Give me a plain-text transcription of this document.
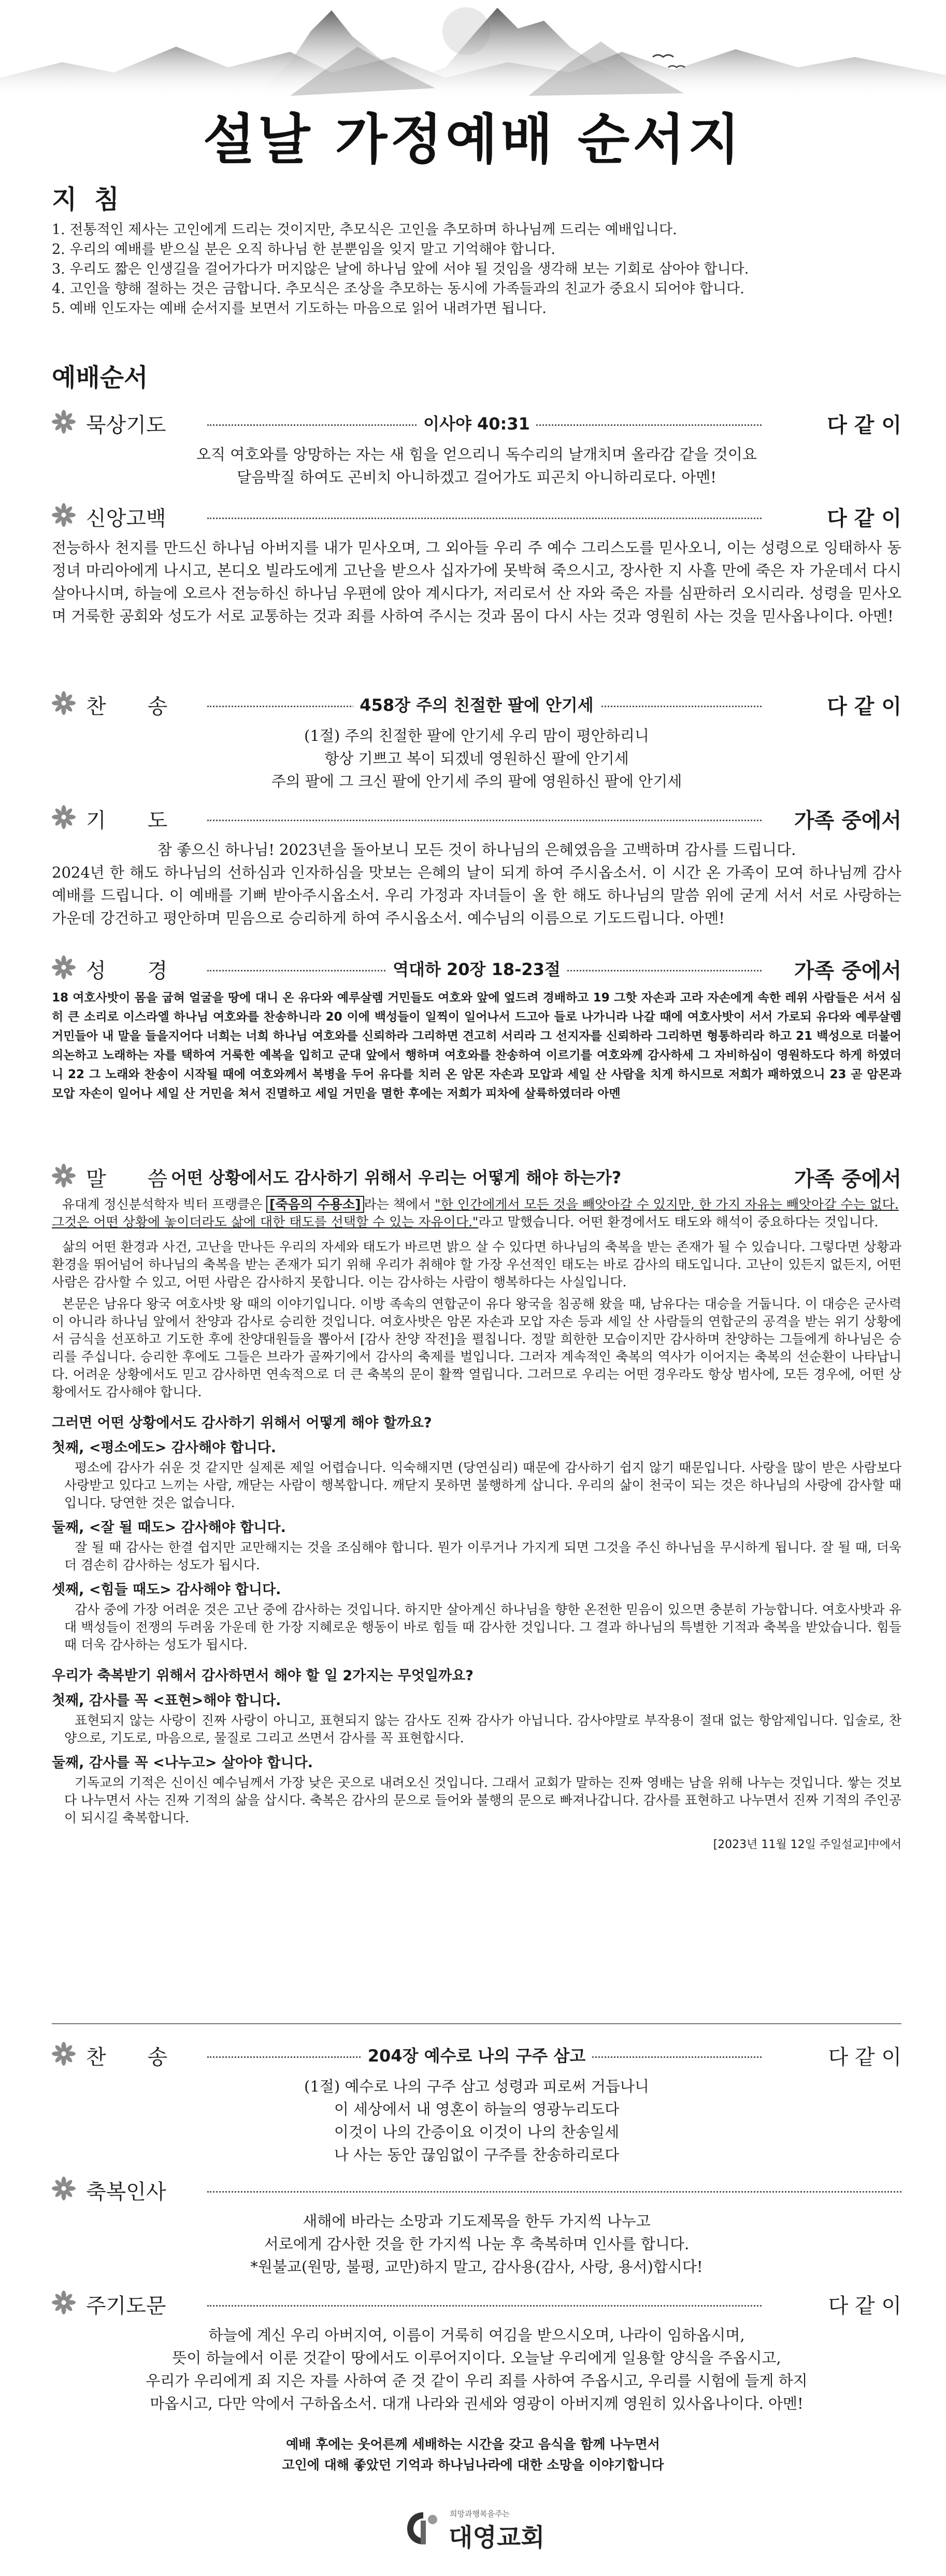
설날 가정예배 순서지
지 침
1. 전통적인 제사는 고인에게 드리는 것이지만, 추모식은 고인을 추모하며 하나님께 드리는 예배입니다.
2. 우리의 예배를 받으실 분은 오직 하나님 한 분뿐임을 잊지 말고 기억해야 합니다.
3. 우리도 짧은 인생길을 걸어가다가 머지않은 날에 하나님 앞에 서야 될 것임을 생각해 보는 기회로 삼아야 합니다.
4. 고인을 향해 절하는 것은 금합니다. 추모식은 조상을 추모하는 동시에 가족들과의 친교가 중요시 되어야 합니다.
5. 예배 인도자는 예배 순서지를 보면서 기도하는 마음으로 읽어 내려가면 됩니다.
예배순서
묵상기도	이사야 40:31	다 같 이
오직 여호와를 앙망하는 자는 새 힘을 얻으리니 독수리의 날개치며 올라감 같을 것이요
달음박질 하여도 곤비치 아니하겠고 걸어가도 피곤치 아니하리로다. 아멘!
신앙고백	다 같 이
전능하사 천지를 만드신 하나님 아버지를 내가 믿사오며, 그 외아들 우리 주 예수 그리스도를 믿사오니, 이는 성령으로 잉태하사 동정녀 마리아에게 나시고, 본디오 빌라도에게 고난을 받으사 십자가에 못박혀 죽으시고, 장사한 지 사흘 만에 죽은 자 가운데서 다시 살아나시며, 하늘에 오르사 전능하신 하나님 우편에 앉아 계시다가, 저리로서 산 자와 죽은 자를 심판하러 오시리라. 성령을 믿사오며 거룩한 공회와 성도가 서로 교통하는 것과 죄를 사하여 주시는 것과 몸이 다시 사는 것과 영원히 사는 것을 믿사옵나이다. 아멘!
찬　　송	458장 주의 친절한 팔에 안기세	다 같 이
(1절) 주의 친절한 팔에 안기세 우리 맘이 평안하리니
항상 기쁘고 복이 되겠네 영원하신 팔에 안기세
주의 팔에 그 크신 팔에 안기세 주의 팔에 영원하신 팔에 안기세
기　　도	가족 중에서
참 좋으신 하나님! 2023년을 돌아보니 모든 것이 하나님의 은혜였음을 고백하며 감사를 드립니다.
2024년 한 해도 하나님의 선하심과 인자하심을 맛보는 은혜의 날이 되게 하여 주시옵소서. 이 시간 온 가족이 모여 하나님께 감사예배를 드립니다. 이 예배를 기뻐 받아주시옵소서. 우리 가정과 자녀들이 올 한 해도 하나님의 말씀 위에 굳게 서서 서로 사랑하는 가운데 강건하고 평안하며 믿음으로 승리하게 하여 주시옵소서. 예수님의 이름으로 기도드립니다. 아멘!
성　　경	역대하 20장 18-23절	가족 중에서
18 여호사밧이 몸을 굽혀 얼굴을 땅에 대니 온 유다와 예루살렘 거민들도 여호와 앞에 엎드려 경배하고 19 그핫 자손과 고라 자손에게 속한 레위 사람들은 서서 심히 큰 소리로 이스라엘 하나님 여호와를 찬송하니라 20 이에 백성들이 일찍이 일어나서 드고아 들로 나가니라 나갈 때에 여호사밧이 서서 가로되 유다와 예루살렘 거민들아 내 말을 들을지어다 너희는 너희 하나님 여호와를 신뢰하라 그리하면 견고히 서리라 그 선지자를 신뢰하라 그리하면 형통하리라 하고 21 백성으로 더불어 의논하고 노래하는 자를 택하여 거룩한 예복을 입히고 군대 앞에서 행하며 여호와를 찬송하여 이르기를 여호와께 감사하세 그 자비하심이 영원하도다 하게 하였더니 22 그 노래와 찬송이 시작될 때에 여호와께서 복병을 두어 유다를 치러 온 암몬 자손과 모압과 세일 산 사람을 치게 하시므로 저희가 패하였으니 23 곧 암몬과 모압 자손이 일어나 세일 산 거민을 쳐서 진멸하고 세일 거민을 멸한 후에는 저희가 피차에 살륙하였더라 아멘
말　　씀 어떤 상황에서도 감사하기 위해서 우리는 어떻게 해야 하는가?	가족 중에서
유대계 정신분석학자 빅터 프랭클은 [죽음의 수용소] 라는 책에서 "한 인간에게서 모든 것을 빼앗아갈 수 있지만, 한 가지 자유는 빼앗아갈 수는 없다. 그것은 어떤 상황에 놓이더라도 삶에 대한 태도를 선택할 수 있는 자유이다."라고 말했습니다. 어떤 환경에서도 태도와 해석이 중요하다는 것입니다.

삶의 어떤 환경과 사건, 고난을 만나든 우리의 자세와 태도가 바르면 밝으 살 수 있다면 하나님의 축복을 받는 존재가 될 수 있습니다. 그렇다면 상황과 환경을 뛰어넘어 하나님의 축복을 받는 존재가 되기 위해 우리가 취해야 할 가장 우선적인 태도는 바로 감사의 태도입니다. 고난이 있든지 없든지, 어떤 사람은 감사할 수 있고, 어떤 사람은 감사하지 못합니다. 이는 감사하는 사람이 행복하다는 사실입니다.

본문은 남유다 왕국 여호사밧 왕 때의 이야기입니다. 이방 족속의 연합군이 유다 왕국을 침공해 왔을 때, 남유다는 대승을 거둡니다. 이 대승은 군사력이 아니라 하나님 앞에서 찬양과 감사로 승리한 것입니다. 여호사밧은 암몬 자손과 모압 자손 등과 세일 산 사람들의 연합군의 공격을 받는 위기 상황에서 금식을 선포하고 기도한 후에 찬양대원들을 뽑아서 [감사 찬양 작전]을 펼칩니다. 정말 희한한 모습이지만 감사하며 찬양하는 그들에게 하나님은 승리를 주십니다. 승리한 후에도 그들은 브라가 골짜기에서 감사의 축제를 벌입니다. 그러자 계속적인 축복의 역사가 이어지는 축복의 선순환이 나타납니다. 어려운 상황에서도 믿고 감사하면 연속적으로 더 큰 축복의 문이 활짝 열립니다. 그러므로 우리는 어떤 경우라도 항상 범사에, 모든 경우에, 어떤 상황에서도 감사해야 합니다.

그러면 어떤 상황에서도 감사하기 위해서 어떻게 해야 할까요?
첫째, <평소에도> 감사해야 합니다.

평소에 감사가 쉬운 것 같지만 실제론 제일 어렵습니다. 익숙해지면 (당연심리) 때문에 감사하기 쉽지 않기 때문입니다. 사랑을 많이 받은 사람보다 사랑받고 있다고 느끼는 사람, 깨닫는 사람이 행복합니다. 깨닫지 못하면 불행하게 삽니다. 우리의 삶이 천국이 되는 것은 하나님의 사랑에 감사할 때입니다. 당연한 것은 없습니다.

둘째, <잘 될 때도> 감사해야 합니다.

잘 될 때 감사는 한결 쉽지만 교만해지는 것을 조심해야 합니다. 뭔가 이루거나 가지게 되면 그것을 주신 하나님을 무시하게 됩니다. 잘 될 때, 더욱 더 겸손히 감사하는 성도가 됩시다.

셋째, <힘들 때도> 감사해야 합니다.

감사 중에 가장 어려운 것은 고난 중에 감사하는 것입니다. 하지만 살아계신 하나님을 향한 온전한 믿음이 있으면 충분히 가능합니다. 여호사밧과 유대 백성들이 전쟁의 두려움 가운데 한 가장 지혜로운 행동이 바로 힘들 때 감사한 것입니다. 그 결과 하나님의 특별한 기적과 축복을 받았습니다. 힘들 때 더욱 감사하는 성도가 됩시다.

우리가 축복받기 위해서 감사하면서 해야 할 일 2가지는 무엇일까요?
첫째, 감사를 꼭 <표현>해야 합니다.

표현되지 않는 사랑이 진짜 사랑이 아니고, 표현되지 않는 감사도 진짜 감사가 아닙니다. 감사야말로 부작용이 절대 없는 항암제입니다. 입술로, 찬양으로, 기도로, 마음으로, 물질로 그리고 쓰면서 감사를 꼭 표현합시다.

둘째, 감사를 꼭 <나누고> 살아야 합니다.

기독교의 기적은 신이신 예수님께서 가장 낮은 곳으로 내려오신 것입니다. 그래서 교회가 말하는 진짜 영배는 남을 위해 나누는 것입니다. 쌓는 것보다 나누면서 사는 진짜 기적의 삶을 삽시다. 축복은 감사의 문으로 들어와 불행의 문으로 빠져나갑니다. 감사를 표현하고 나누면서 진짜 기적의 주인공이 되시길 축복합니다.

[2023년 11월 12일 주일설교]中에서
찬　　송	204장 예수로 나의 구주 삼고	다 같 이
(1절) 예수로 나의 구주 삼고 성령과 피로써 거듭나니
이 세상에서 내 영혼이 하늘의 영광누리도다
이것이 나의 간증이요 이것이 나의 찬송일세
나 사는 동안 끊임없이 구주를 찬송하리로다
축복인사
새해에 바라는 소망과 기도제목을 한두 가지씩 나누고
서로에게 감사한 것을 한 가지씩 나눈 후 축복하며 인사를 합니다.
*원불교(원망, 불평, 교만)하지 말고, 감사용(감사, 사랑, 용서)합시다!
주기도문	다 같 이
하늘에 계신 우리 아버지여, 이름이 거룩히 여김을 받으시오며, 나라이 임하옵시며,
뜻이 하늘에서 이룬 것같이 땅에서도 이루어지이다. 오늘날 우리에게 일용할 양식을 주옵시고,
우리가 우리에게 죄 지은 자를 사하여 준 것 같이 우리 죄를 사하여 주옵시고, 우리를 시험에 들게 하지
마옵시고, 다만 악에서 구하옵소서. 대개 나라와 권세와 영광이 아버지께 영원히 있사옵나이다. 아멘!
예배 후에는 웃어른께 세배하는 시간을 갖고 음식을 함께 나누면서
고인에 대해 좋았던 기억과 하나님나라에 대한 소망을 이야기합니다
희망과행복을주는
대영교회
